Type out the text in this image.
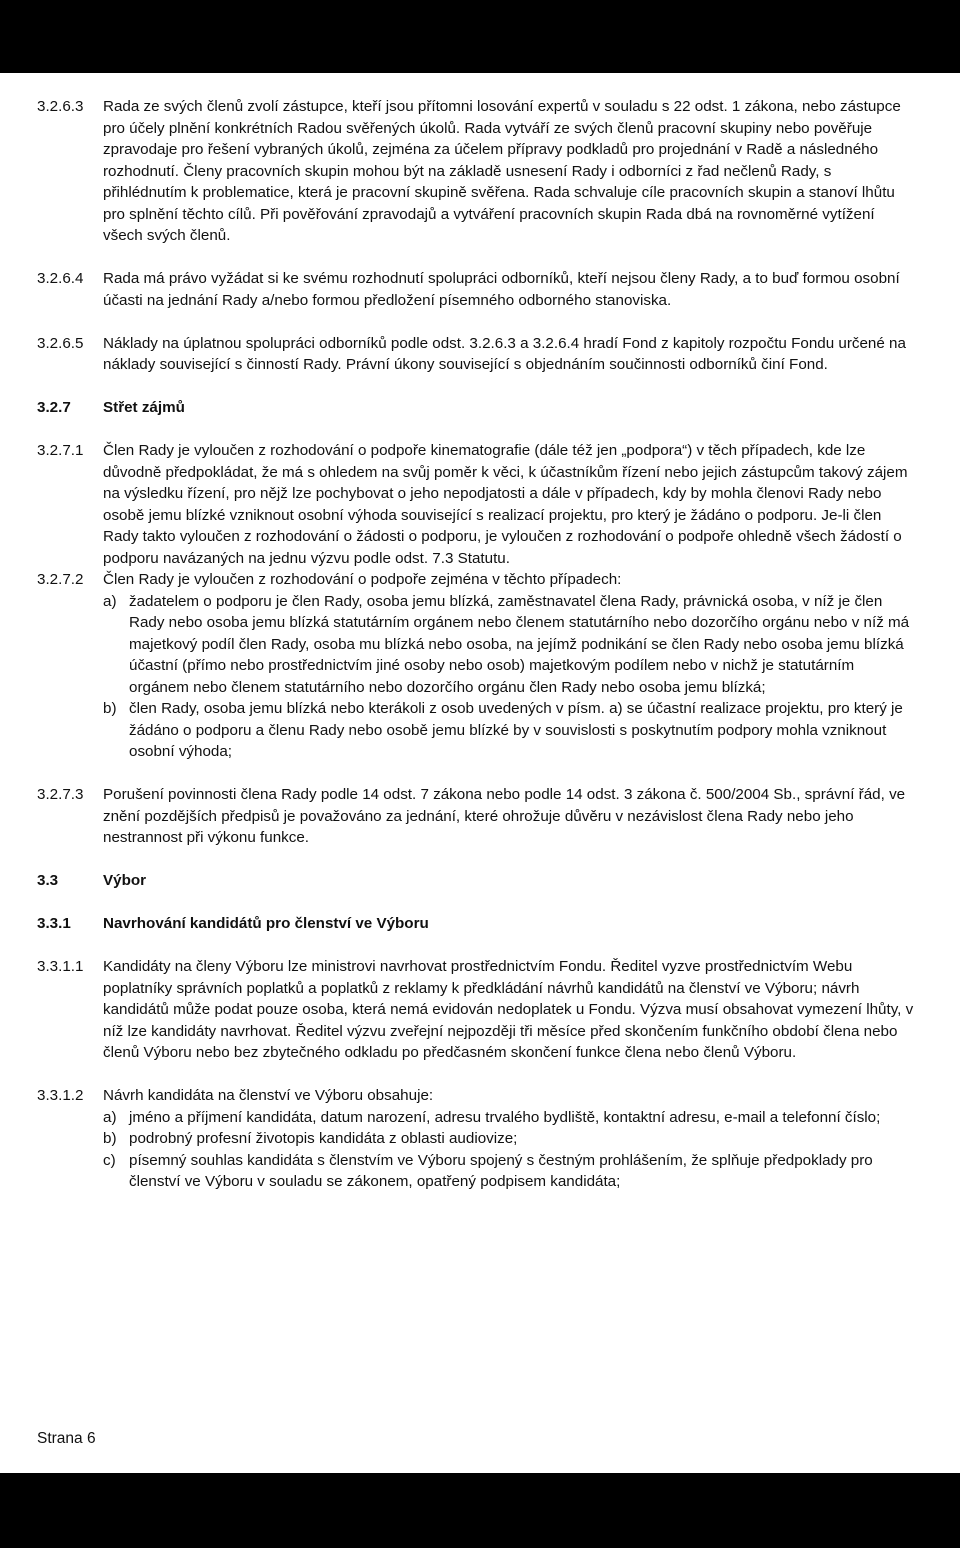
3.2.6.3	Rada ze svých členů zvolí zástupce, kteří jsou přítomni losování expertů v souladu s 22 odst. 1 zákona, nebo zástupce pro účely plnění konkrétních Radou svěřených úkolů. Rada vytváří ze svých členů pracovní skupiny nebo pověřuje zpravodaje pro řešení vybraných úkolů, zejména za účelem přípravy podkladů pro projednání v Radě a následného rozhodnutí. Členy pracovních skupin mohou být na základě usnesení Rady i odborníci z řad nečlenů Rady, s přihlédnutím k problematice, která je pracovní skupině svěřena. Rada schvaluje cíle pracovních skupin a stanoví lhůtu pro splnění těchto cílů. Při pověřování zpravodajů a vytváření pracovních skupin Rada dbá na rovnoměrné vytížení všech svých členů.
3.2.6.4	Rada má právo vyžádat si ke svému rozhodnutí spolupráci odborníků, kteří nejsou členy Rady, a to buď formou osobní účasti na jednání Rady a/nebo formou předložení písemného odborného stanoviska.
3.2.6.5	Náklady na úplatnou spolupráci odborníků podle odst. 3.2.6.3 a 3.2.6.4 hradí Fond z kapitoly rozpočtu Fondu určené na náklady související s činností Rady. Právní úkony související s objednáním součinnosti odborníků činí Fond.
3.2.7	Střet zájmů
3.2.7.1	Člen Rady je vyloučen z rozhodování o podpoře kinematografie (dále též jen „podpora“) v těch případech, kde lze důvodně předpokládat, že má s ohledem na svůj poměr k věci, k účastníkům řízení nebo jejich zástupcům takový zájem na výsledku řízení, pro nějž lze pochybovat o jeho nepodjatosti a dále v případech, kdy by mohla členovi Rady nebo osobě jemu blízké vzniknout osobní výhoda související s realizací projektu, pro který je žádáno o podporu. Je-li člen Rady takto vyloučen z rozhodování o žádosti o podporu, je vyloučen z rozhodování o podpoře ohledně všech žádostí o podporu navázaných na jednu výzvu podle odst. 7.3 Statutu.
3.2.7.2	Člen Rady je vyloučen z rozhodování o podpoře zejména v těchto případech:
a) žadatelem o podporu je člen Rady, osoba jemu blízká, zaměstnavatel člena Rady, právnická osoba, v níž je člen Rady nebo osoba jemu blízká statutárním orgánem nebo členem statutárního nebo dozorčího orgánu nebo v níž má majetkový podíl člen Rady, osoba mu blízká nebo osoba, na jejímž podnikání se člen Rady nebo osoba jemu blízká účastní (přímo nebo prostřednictvím jiné osoby nebo osob) majetkovým podílem nebo v nichž je statutárním orgánem nebo členem statutárního nebo dozorčího orgánu člen Rady nebo osoba jemu blízká;
b) člen Rady, osoba jemu blízká nebo kterákoli z osob uvedených v písm. a) se účastní realizace projektu, pro který je žádáno o podporu a členu Rady nebo osobě jemu blízké by v souvislosti s poskytnutím podpory mohla vzniknout osobní výhoda;
3.2.7.3	Porušení povinnosti člena Rady podle 14 odst. 7 zákona nebo podle 14 odst. 3 zákona č. 500/2004 Sb., správní řád, ve znění pozdějších předpisů je považováno za jednání, které ohrožuje důvěru v nezávislost člena Rady nebo jeho nestrannost při výkonu funkce.
3.3	Výbor
3.3.1	Navrhování kandidátů pro členství ve Výboru
3.3.1.1	Kandidáty na členy Výboru lze ministrovi navrhovat prostřednictvím Fondu. Ředitel vyzve prostřednictvím Webu poplatníky správních poplatků a poplatků z reklamy k předkládání návrhů kandidátů na členství ve Výboru; návrh kandidátů může podat pouze osoba, která nemá evidován nedoplatek u Fondu. Výzva musí obsahovat vymezení lhůty, v níž lze kandidáty navrhovat. Ředitel výzvu zveřejní nejpozději tři měsíce před skončením funkčního období člena nebo členů Výboru nebo bez zbytečného odkladu po předčasném skončení funkce člena nebo členů Výboru.
3.3.1.2	Návrh kandidáta na členství ve Výboru obsahuje:
a) jméno a příjmení kandidáta, datum narození, adresu trvalého bydliště, kontaktní adresu, e-mail a telefonní číslo;
b) podrobný profesní životopis kandidáta z oblasti audiovize;
c) písemný souhlas kandidáta s členstvím ve Výboru spojený s čestným prohlášením, že splňuje předpoklady pro členství ve Výboru v souladu se zákonem, opatřený podpisem kandidáta;
Strana 6
